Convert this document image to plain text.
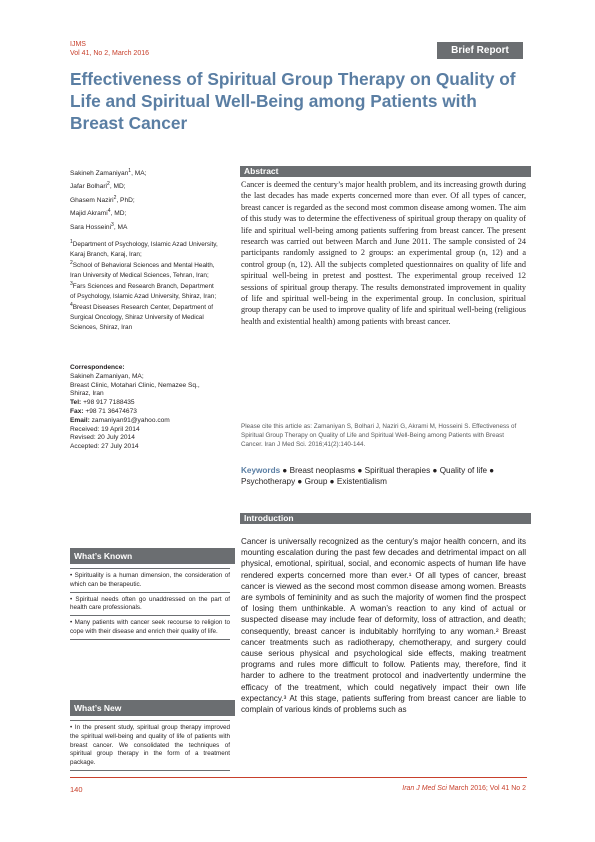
IJMS
Vol 41, No 2, March 2016	Brief Report
Effectiveness of Spiritual Group Therapy on Quality of Life and Spiritual Well-Being among Patients with Breast Cancer
Sakineh Zamaniyan$^1$, MA;
Jafar Bolhari$^2$, MD;
Ghasem Naziri$^2$, PhD;
Majid Akrami$^4$, MD;
Sara Hosseini$^3$, MA
$^1$Department of Psychology, Islamic Azad University, Karaj Branch, Karaj, Iran;
$^2$School of Behavioral Sciences and Mental Health, Iran University of Medical Sciences, Tehran, Iran;
$^3$Fars Sciences and Research Branch, Department of Psychology, Islamic Azad University, Shiraz, Iran;
$^4$Breast Diseases Research Center, Department of Surgical Oncology, Shiraz University of Medical Sciences, Shiraz, Iran
Correspondence:
Sakineh Zamaniyan, MA;
Breast Clinic, Motahari Clinic, Nemazee Sq., Shiraz, Iran
Tel: +98 917 7188435
Fax: +98 71 36474673
Email: zamaniyan91@yahoo.com
Received: 19 April 2014
Revised: 20 July 2014
Accepted: 27 July 2014
Abstract

Cancer is deemed the century’s major health problem, and its increasing growth during the last decades has made experts concerned more than ever. Of all types of cancer, breast cancer is regarded as the second most common disease among women. The aim of this study was to determine the effectiveness of spiritual group therapy on quality of life and spiritual well-being among patients suffering from breast cancer. The present research was carried out between March and June 2011. The sample consisted of 24 participants randomly assigned to 2 groups: an experimental group (n, 12) and a control group (n, 12). All the subjects completed questionnaires on quality of life and spiritual well-being in pretest and posttest. The experimental group received 12 sessions of spiritual group therapy. The results demonstrated improvement in quality of life and spiritual well-being in the experimental group. In conclusion, spiritual group therapy can be used to improve quality of life and spiritual well-being (religious health and existential health) among patients with breast cancer.

Please cite this article as: Zamaniyan S, Bolhari J, Naziri G, Akrami M, Hosseini S. Effectiveness of Spiritual Group Therapy on Quality of Life and Spiritual Well-Being among Patients with Breast Cancer. Iran J Med Sci. 2016;41(2):140-144.

Keywords ● Breast neoplasms ● Spiritual therapies ● Quality of life ● Psychotherapy ● Group ● Existentialism

Introduction

Cancer is universally recognized as the century’s major health concern, and its mounting escalation during the past few decades and detrimental impact on all physical, emotional, spiritual, social, and economic aspects of human life have rendered experts concerned more than ever.¹ Of all types of cancer, breast cancer is viewed as the second most common disease among women. Breasts are symbols of femininity and as such the majority of women find the prospect of losing them unthinkable. A woman’s reaction to any kind of actual or suspected disease may include fear of deformity, loss of attraction, and death; consequently, breast cancer is indubitably horrifying to any woman.² Breast cancer treatments such as radiotherapy, chemotherapy, and surgery could cause serious physical and psychological side effects, making treatment programs and rules more difficult to follow. Patients may, therefore, find it harder to adhere to the treatment protocol and inadvertently undermine the efficacy of the treatment, which could negatively impact their own life expectancy.³ At this stage, patients suffering from breast cancer are liable to complain of various kinds of problems such as

What’s Known
• Spirituality is a human dimension, the consideration of which can be therapeutic.
• Spiritual needs often go unaddressed on the part of health care professionals.
• Many patients with cancer seek recourse to religion to cope with their disease and enrich their quality of life.
What’s New
• In the present study, spiritual group therapy improved the spiritual well-being and quality of life of patients with breast cancer. We consolidated the techniques of spiritual group therapy in the form of a treatment package.
140	Iran J Med Sci March 2016; Vol 41 No 2
